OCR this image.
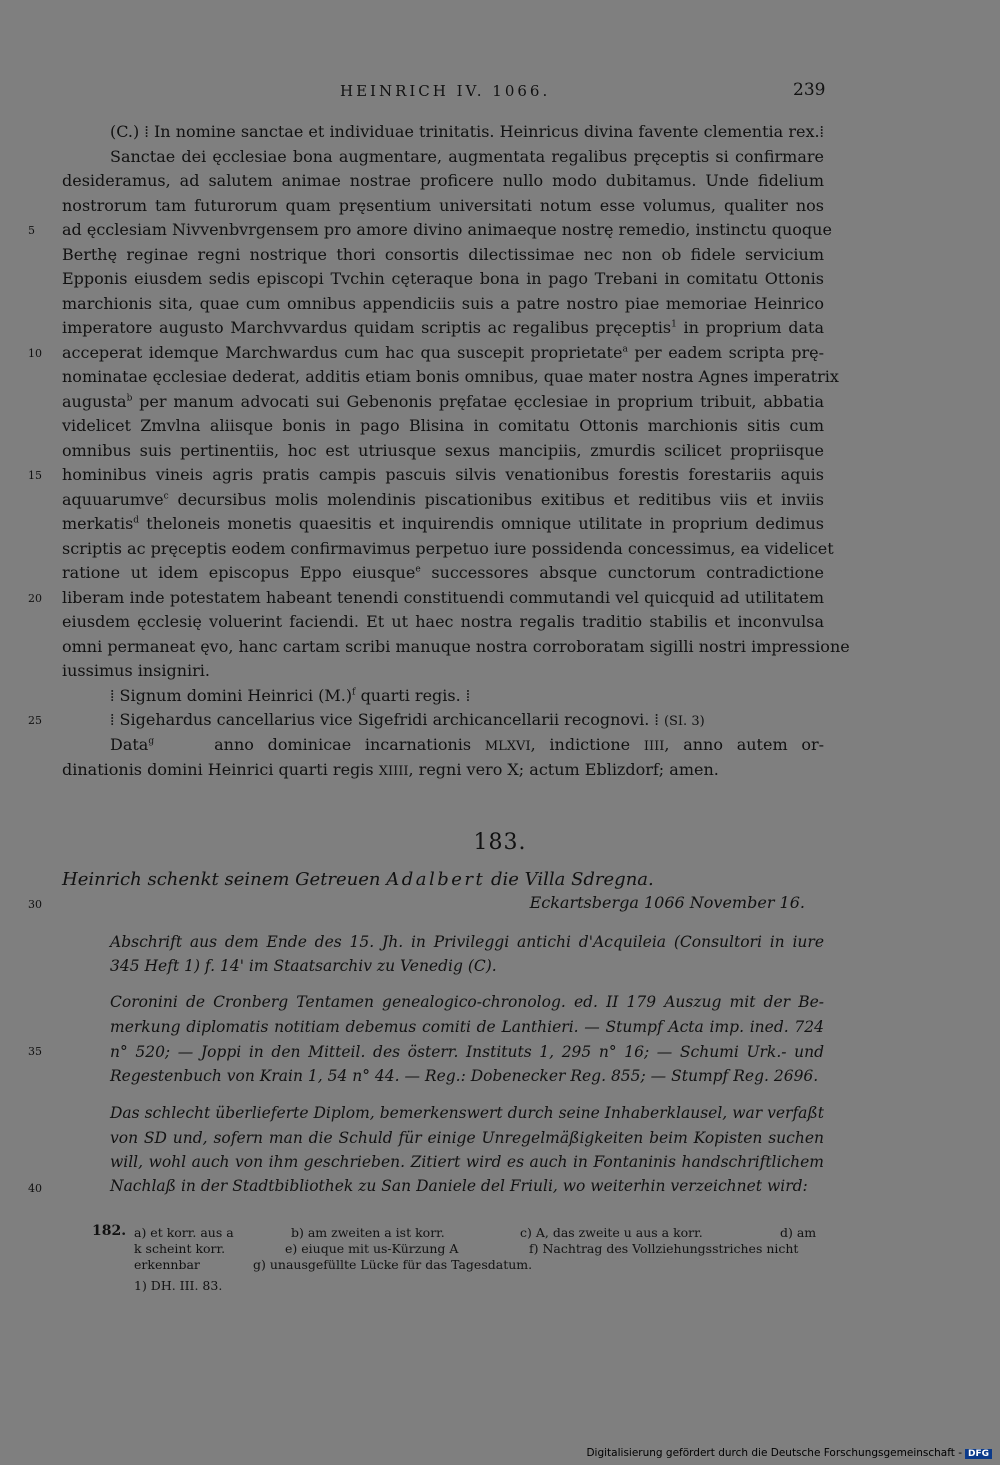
HEINRICH IV. 1066.	239
(C.) ⁞ In nomine sanctae et individuae trinitatis. Heinricus divina favente clementia rex.⁞
Sanctae dei ęcclesiae bona augmentare, augmentata regalibus pręceptis si confirmare
desideramus, ad salutem animae nostrae proficere nullo modo dubitamus. Unde fidelium
nostrorum tam futurorum quam pręsentium universitati notum esse volumus, qualiter nos
ad ęcclesiam Nivvenbvrgensem pro amore divino animaeque nostrę remedio, instinctu quoque
Berthę reginae regni nostrique thori consortis dilectissimae nec non ob fidele servicium
Epponis eiusdem sedis episcopi Tvchin cęteraque bona in pago Trebani in comitatu Ottonis
marchionis sita, quae cum omnibus appendiciis suis a patre nostro piae memoriae Heinrico
imperatore augusto Marchvvardus quidam scriptis ac regalibus pręceptis$^1$ in proprium data
acceperat idemque Marchwardus cum hac qua suscepit proprietate$^a$ per eadem scripta prę-
nominatae ęcclesiae dederat, additis etiam bonis omnibus, quae mater nostra Agnes imperatrix
augusta$^b$ per manum advocati sui Gebenonis pręfatae ęcclesiae in proprium tribuit, abbatia
videlicet Zmvlna aliisque bonis in pago Blisina in comitatu Ottonis marchionis sitis cum
omnibus suis pertinentiis, hoc est utriusque sexus mancipiis, zmurdis scilicet propriisque
hominibus vineis agris pratis campis pascuis silvis venationibus forestis forestariis aquis
aquuarumve$^c$ decursibus molis molendinis piscationibus exitibus et reditibus viis et inviis
merkatis$^d$ theloneis monetis quaesitis et inquirendis omnique utilitate in proprium dedimus
scriptis ac pręceptis eodem confirmavimus perpetuo iure possidenda concessimus, ea videlicet
ratione ut idem episcopus Eppo eiusque$^e$ successores absque cunctorum contradictione
liberam inde potestatem habeant tenendi constituendi commutandi vel quicquid ad utilitatem
eiusdem ęcclesię voluerint faciendi. Et ut haec nostra regalis traditio stabilis et inconvulsa
omni permaneat ęvo, hanc cartam scribi manuque nostra corroboratam sigilli nostri impressione
iussimus insigniri.
⁞ Signum domini Heinrici $(M.)^f$ quarti regis. ⁞
⁞ Sigehardus cancellarius vice Sigefridi archicancellarii recognovi. ⁞ (SI. 3)
Data$^g$	anno dominicae incarnationis MLXVI, indictione IIII, anno autem or-
dinationis domini Heinrici quarti regis XIIII, regni vero X; actum Eblizdorf; amen.
5
10
15
20
25
30
35
40
183.
Heinrich schenkt seinem Getreuen Adalbert die Villa Sdregna.
Eckartsberga 1066 November 16.
Abschrift aus dem Ende des 15. Jh. in Privileggi antichi d'Acquileia (Consultori in iure
345 Heft 1) f. 14' im Staatsarchiv zu Venedig (C).
Coronini de Cronberg Tentamen genealogico-chronolog. ed. II 179 Auszug mit der Be-
merkung diplomatis notitiam debemus comiti de Lanthieri. — Stumpf Acta imp. ined. 724
n° 520; — Joppi in den Mitteil. des österr. Instituts 1, 295 n° 16; — Schumi Urk.- und
Regestenbuch von Krain 1, 54 n° 44. — Reg.: Dobenecker Reg. 855; — Stumpf Reg. 2696.
Das schlecht überlieferte Diplom, bemerkenswert durch seine Inhaberklausel, war verfaßt
von SD und, sofern man die Schuld für einige Unregelmäßigkeiten beim Kopisten suchen
will, wohl auch von ihm geschrieben. Zitiert wird es auch in Fontaninis handschriftlichem
Nachlaß in der Stadtbibliothek zu San Daniele del Friuli, wo weiterhin verzeichnet wird:
182. a) et korr. aus a	b) am zweiten a ist korr.	c) A, das zweite u aus a korr.	d) am
k scheint korr.	e) eiuque mit us-Kürzung A	f) Nachtrag des Vollziehungsstriches nicht
erkennbar	g) unausgefüllte Lücke für das Tagesdatum.
1) DH. III. 83.
Digitalisierung gefördert durch die Deutsche Forschungsgemeinschaft - DFG
